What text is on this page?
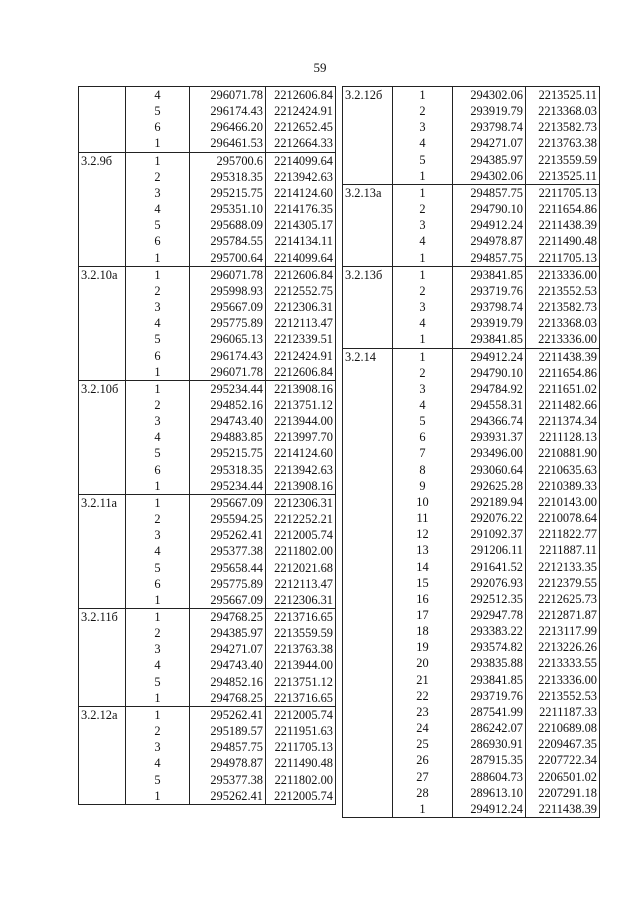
59
	4	296071.78	2212606.84
	5	296174.43	2212424.91
	6	296466.20	2212652.45
	1	296461.53	2212664.33
3.2.9б	1	295700.6	2214099.64
	2	295318.35	2213942.63
	3	295215.75	2214124.60
	4	295351.10	2214176.35
	5	295688.09	2214305.17
	6	295784.55	2214134.11
	1	295700.64	2214099.64
3.2.10а	1	296071.78	2212606.84
	2	295998.93	2212552.75
	3	295667.09	2212306.31
	4	295775.89	2212113.47
	5	296065.13	2212339.51
	6	296174.43	2212424.91
	1	296071.78	2212606.84
3.2.10б	1	295234.44	2213908.16
	2	294852.16	2213751.12
	3	294743.40	2213944.00
	4	294883.85	2213997.70
	5	295215.75	2214124.60
	6	295318.35	2213942.63
	1	295234.44	2213908.16
3.2.11а	1	295667.09	2212306.31
	2	295594.25	2212252.21
	3	295262.41	2212005.74
	4	295377.38	2211802.00
	5	295658.44	2212021.68
	6	295775.89	2212113.47
	1	295667.09	2212306.31
3.2.11б	1	294768.25	2213716.65
	2	294385.97	2213559.59
	3	294271.07	2213763.38
	4	294743.40	2213944.00
	5	294852.16	2213751.12
	1	294768.25	2213716.65
3.2.12а	1	295262.41	2212005.74
	2	295189.57	2211951.63
	3	294857.75	2211705.13
	4	294978.87	2211490.48
	5	295377.38	2211802.00
	1	295262.41	2212005.74
3.2.12б	1	294302.06	2213525.11
	2	293919.79	2213368.03
	3	293798.74	2213582.73
	4	294271.07	2213763.38
	5	294385.97	2213559.59
	1	294302.06	2213525.11
3.2.13а	1	294857.75	2211705.13
	2	294790.10	2211654.86
	3	294912.24	2211438.39
	4	294978.87	2211490.48
	1	294857.75	2211705.13
3.2.13б	1	293841.85	2213336.00
	2	293719.76	2213552.53
	3	293798.74	2213582.73
	4	293919.79	2213368.03
	1	293841.85	2213336.00
3.2.14	1	294912.24	2211438.39
	2	294790.10	2211654.86
	3	294784.92	2211651.02
	4	294558.31	2211482.66
	5	294366.74	2211374.34
	6	293931.37	2211128.13
	7	293496.00	2210881.90
	8	293060.64	2210635.63
	9	292625.28	2210389.33
	10	292189.94	2210143.00
	11	292076.22	2210078.64
	12	291092.37	2211822.77
	13	291206.11	2211887.11
	14	291641.52	2212133.35
	15	292076.93	2212379.55
	16	292512.35	2212625.73
	17	292947.78	2212871.87
	18	293383.22	2213117.99
	19	293574.82	2213226.26
	20	293835.88	2213333.55
	21	293841.85	2213336.00
	22	293719.76	2213552.53
	23	287541.99	2211187.33
	24	286242.07	2210689.08
	25	286930.91	2209467.35
	26	287915.35	2207722.34
	27	288604.73	2206501.02
	28	289613.10	2207291.18
	1	294912.24	2211438.39
